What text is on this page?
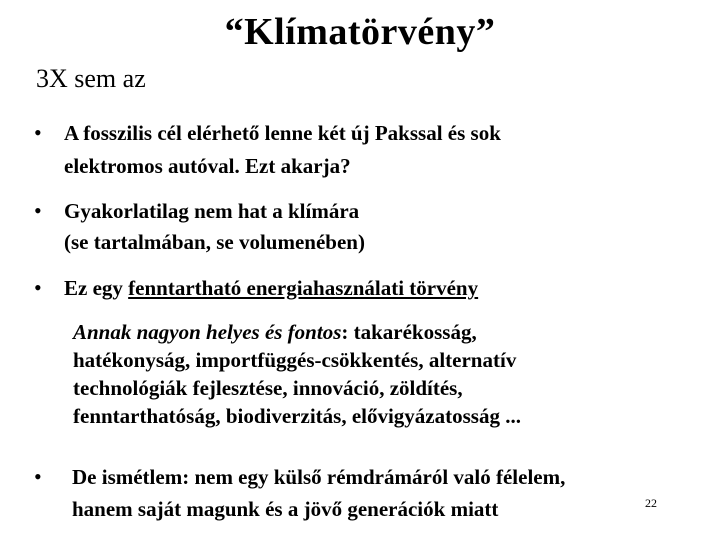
“Klímatörvény”
3X sem az
• A fosszilis cél elérhető lenne két új Pakssal és sok
elektromos autóval. Ezt akarja?
• Gyakorlatilag nem hat a klímára
(se tartalmában, se volumenében)
• Ez egy fenntartható energiahasználati törvény
Annak nagyon helyes és fontos: takarékosság,
hatékonyság, importfüggés-csökkentés, alternatív
technológiák fejlesztése, innováció, zöldítés,
fenntarthatóság, biodiverzitás, elővigyázatosság ...
• De ismétlem: nem egy külső rémdrámáról való félelem,
hanem saját magunk és a jövő generációk miatt	22
